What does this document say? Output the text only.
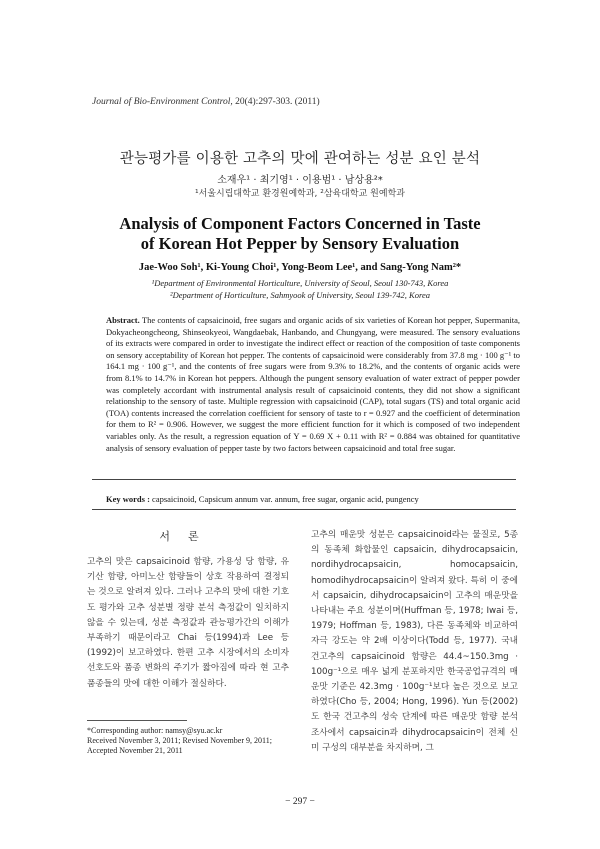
Journal of Bio-Environment Control, 20(4):297-303. (2011)
관능평가를 이용한 고추의 맛에 관여하는 성분 요인 분석
소재우¹ · 최기영¹ · 이용범¹ · 남상용²*
¹서울시립대학교 환경원예학과, ²삼육대학교 원예학과
Analysis of Component Factors Concerned in Taste
of Korean Hot Pepper by Sensory Evaluation
Jae-Woo Soh¹, Ki-Young Choi¹, Yong-Beom Lee¹, and Sang-Yong Nam²*
¹Department of Environmental Horticulture, University of Seoul, Seoul 130-743, Korea
²Department of Horticulture, Sahmyook of University, Seoul 139-742, Korea
Abstract. The contents of capsaicinoid, free sugars and organic acids of six varieties of Korean hot pepper, Supermanita, Dokyacheongcheong, Shinseokyeoi, Wangdaebak, Hanbando, and Chungyang, were measured. The sensory evaluations of its extracts were compared in order to investigate the indirect effect or reaction of the composition of taste components on sensory acceptability of Korean hot pepper. The contents of capsaicinoid were considerably from 37.8 mg · 100 g⁻¹ to 164.1 mg · 100 g⁻¹, and the contents of free sugars were from 9.3% to 18.2%, and the contents of organic acids were from 8.1% to 14.7% in Korean hot peppers. Although the pungent sensory evaluation of water extract of pepper powder was completely accordant with instrumental analysis result of capsaicinoid contents, they did not show a significant relationship to the sensory of taste. Multiple regression with capsaicinoid (CAP), total sugars (TS) and total organic acid (TOA) contents increased the correlation coefficient for sensory of taste to r = 0.927 and the coefficient of determination for them to R² = 0.906. However, we suggest the more efficient function for it which is composed of two independent variables only. As the result, a regression equation of Y = 0.69 X + 0.11 with R² = 0.884 was obtained for quantitative analysis of sensory evaluation of pepper taste by two factors between capsaicinoid and total free sugar.
Key words : capsaicinoid, Capsicum annum var. annum, free sugar, organic acid, pungency
서론

고추의 맛은 capsaicinoid 함량, 가용성 당 함량, 유기산 함량, 아미노산 함량들이 상호 작용하여 결정되는 것으로 알려져 있다. 그러나 고추의 맛에 대한 기호도 평가와 고추 성분별 정량 분석 측정값이 일치하지 않을 수 있는데, 성분 측정값과 관능평가간의 이해가 부족하기 때문이라고 Chai 등(1994)과 Lee 등(1992)이 보고하였다. 한편 고추 시장에서의 소비자 선호도와 품종 변화의 주기가 짧아짐에 따라 현 고추 품종들의 맛에 대한 이해가 절실하다.

고추의 매운맛 성분은 capsaicinoid라는 물질로, 5종의 동족체 화합물인 capsaicin, dihydrocapsaicin, nordihydrocapsaicin, homocapsaicin, homodihydrocapsaicin이 알려져 왔다. 특히 이 중에서 capsaicin, dihydrocapsaicin이 고추의 매운맛을 나타내는 주요 성분이며(Huffman 등, 1978; Iwai 등, 1979; Hoffman 등, 1983), 다른 동족체와 비교하여 자극 강도는 약 2배 이상이다(Todd 등, 1977). 국내 건고추의 capsaicinoid 함량은 44.4~150.3mg · 100g⁻¹으로 매우 넓게 분포하지만 한국공업규격의 매운맛 기준은 42.3mg · 100g⁻¹보다 높은 것으로 보고하였다(Cho 등, 2004; Hong, 1996). Yun 등(2002)도 한국 건고추의 성숙 단계에 따른 매운맛 함량 분석 조사에서 capsaicin과 dihydrocapsaicin이 전체 신미 구성의 대부분을 차지하며, 그

*Corresponding author: namsy@syu.ac.kr
Received November 3, 2011; Revised November 9, 2011;
Accepted November 21, 2011
− 297 −
